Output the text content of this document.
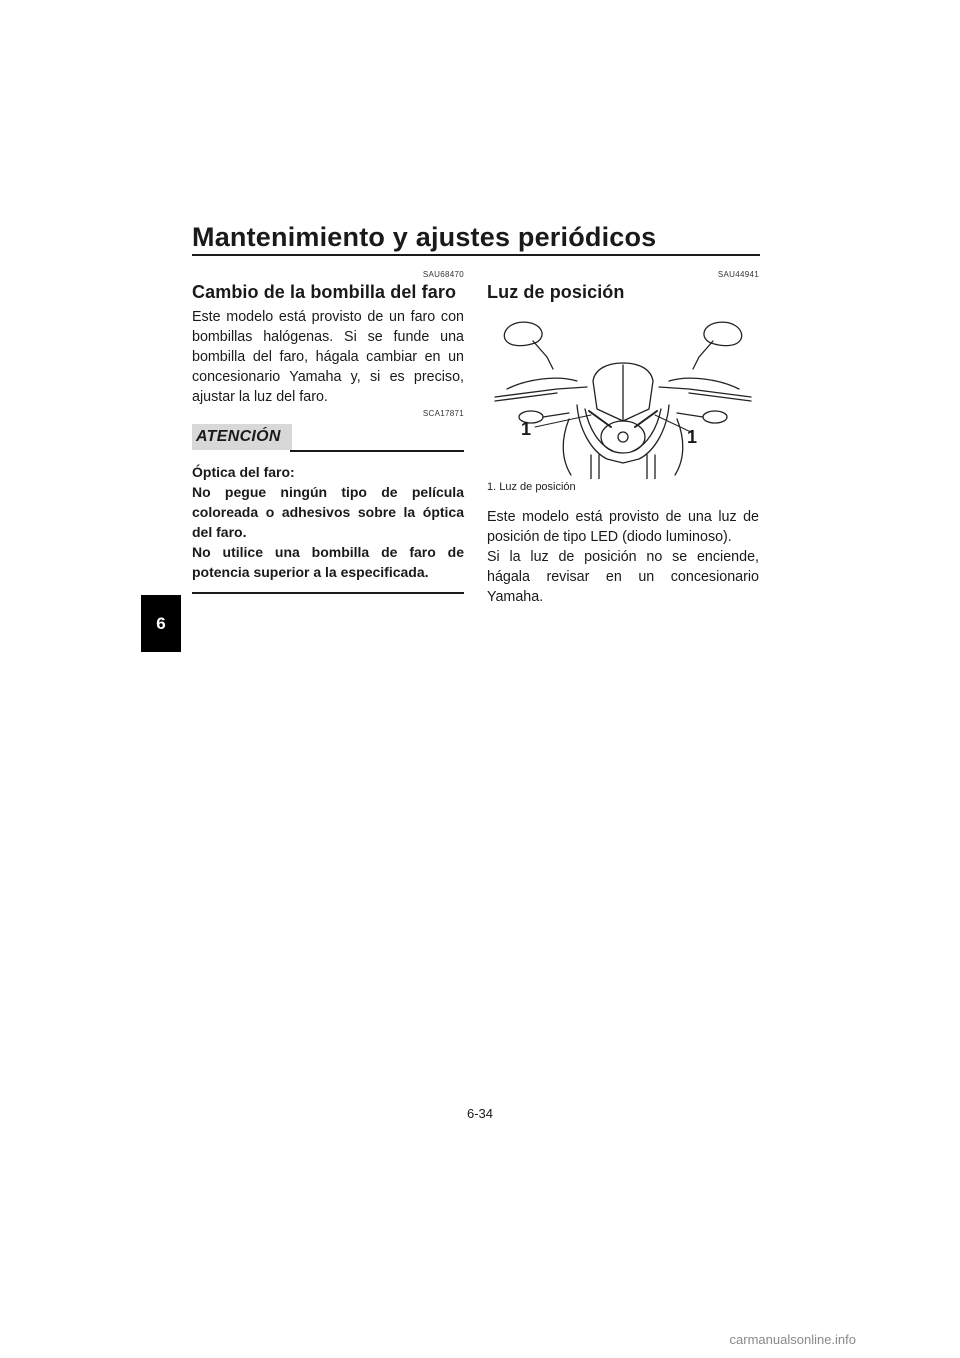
Mantenimiento y ajustes periódicos
6
SAU68470
Cambio de la bombilla del faro

Este modelo está provisto de un faro con bombillas halógenas. Si se funde una bombilla del faro, hágala cambiar en un concesionario Yamaha y, si es preciso, ajustar la luz del faro.

SCA17871
ATENCIÓN

Óptica del faro:

No pegue ningún tipo de película coloreada o adhesivos sobre la óptica del faro.

No utilice una bombilla de faro de potencia superior a la especificada.

SAU44941
Luz de posición
1	1
1. Luz de posición

Este modelo está provisto de una luz de posición de tipo LED (diodo luminoso).

Si la luz de posición no se enciende, hágala revisar en un concesionario Yamaha.

6-34
carmanualsonline.info
